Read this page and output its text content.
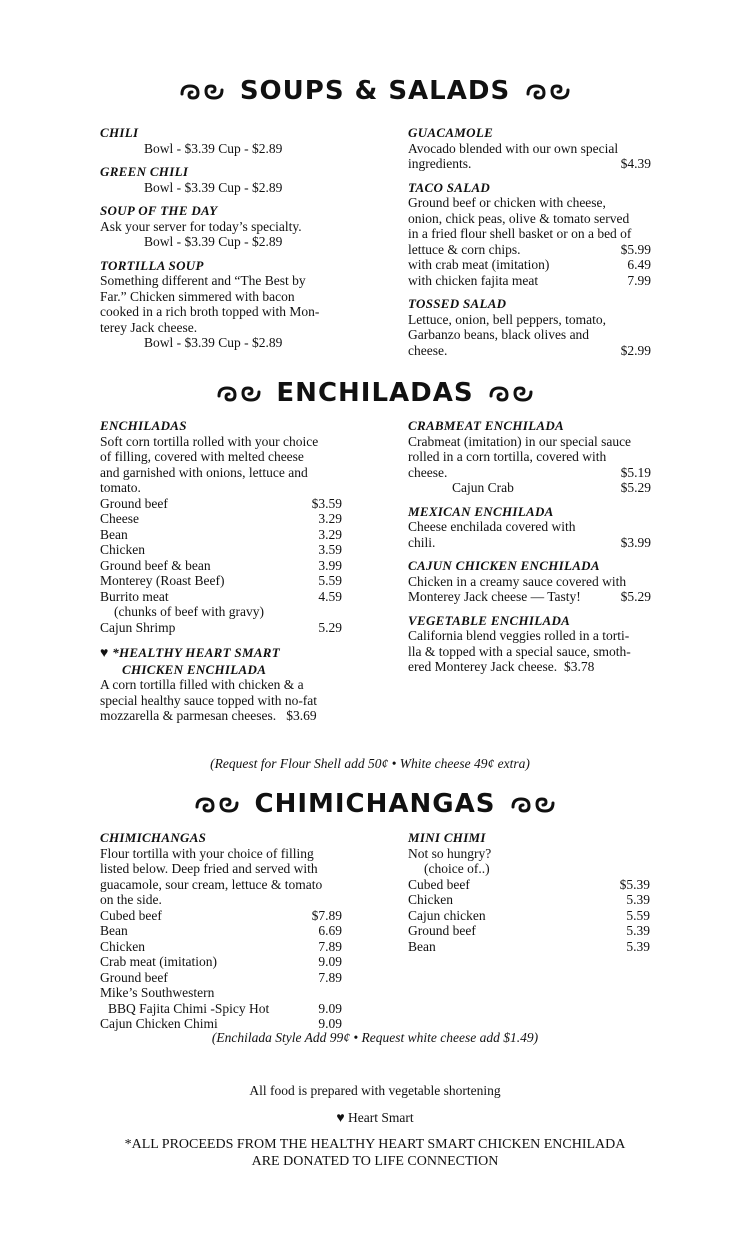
SOUPS & SALADS
CHILI
Bowl - $3.39 Cup - $2.89
GREEN CHILI
Bowl - $3.39 Cup - $2.89
SOUP OF THE DAY
Ask your server for today’s specialty.
Bowl - $3.39 Cup - $2.89
TORTILLA SOUP
Something different and “The Best by
Far.” Chicken simmered with bacon
cooked in a rich broth topped with Mon-
terey Jack cheese.
Bowl - $3.39 Cup - $2.89
GUACAMOLE
Avocado blended with our own special
ingredients.	$4.39
TACO SALAD
Ground beef or chicken with cheese,
onion, chick peas, olive & tomato served
in a fried flour shell basket or on a bed of
lettuce & corn chips.	$5.99
with crab meat (imitation)	6.49
with chicken fajita meat	7.99
TOSSED SALAD
Lettuce, onion, bell peppers, tomato,
Garbanzo beans, black olives and
cheese.	$2.99
ENCHILADAS
ENCHILADAS
Soft corn tortilla rolled with your choice
of filling, covered with melted cheese
and garnished with onions, lettuce and
tomato.
Ground beef	$3.59
Cheese	3.29
Bean	3.29
Chicken	3.59
Ground beef & bean	3.99
Monterey (Roast Beef)	5.59
Burrito meat	4.59
(chunks of beef with gravy)
Cajun Shrimp	5.29
♥ *HEALTHY HEART SMART
CHICKEN ENCHILADA
A corn tortilla filled with chicken & a
special healthy sauce topped with no-fat
mozzarella & parmesan cheeses. $3.69
CRABMEAT ENCHILADA
Crabmeat (imitation) in our special sauce
rolled in a corn tortilla, covered with
cheese.	$5.19
Cajun Crab	$5.29
MEXICAN ENCHILADA
Cheese enchilada covered with
chili.	$3.99
CAJUN CHICKEN ENCHILADA
Chicken in a creamy sauce covered with
Monterey Jack cheese — Tasty!	$5.29
VEGETABLE ENCHILADA
California blend veggies rolled in a torti-
lla & topped with a special sauce, smoth-
ered Monterey Jack cheese. $3.78
(Request for Flour Shell add 50¢ • White cheese 49¢ extra)
CHIMICHANGAS
CHIMICHANGAS
Flour tortilla with your choice of filling
listed below. Deep fried and served with
guacamole, sour cream, lettuce & tomato
on the side.
Cubed beef	$7.89
Bean	6.69
Chicken	7.89
Crab meat (imitation)	9.09
Ground beef	7.89
Mike’s Southwestern
BBQ Fajita Chimi -Spicy Hot	9.09
Cajun Chicken Chimi	9.09
MINI CHIMI
Not so hungry?
(choice of..)
Cubed beef	$5.39
Chicken	5.39
Cajun chicken	5.59
Ground beef	5.39
Bean	5.39
(Enchilada Style Add 99¢ • Request white cheese add $1.49)
All food is prepared with vegetable shortening
♥ Heart Smart
*ALL PROCEEDS FROM THE HEALTHY HEART SMART CHICKEN ENCHILADA
ARE DONATED TO LIFE CONNECTION
